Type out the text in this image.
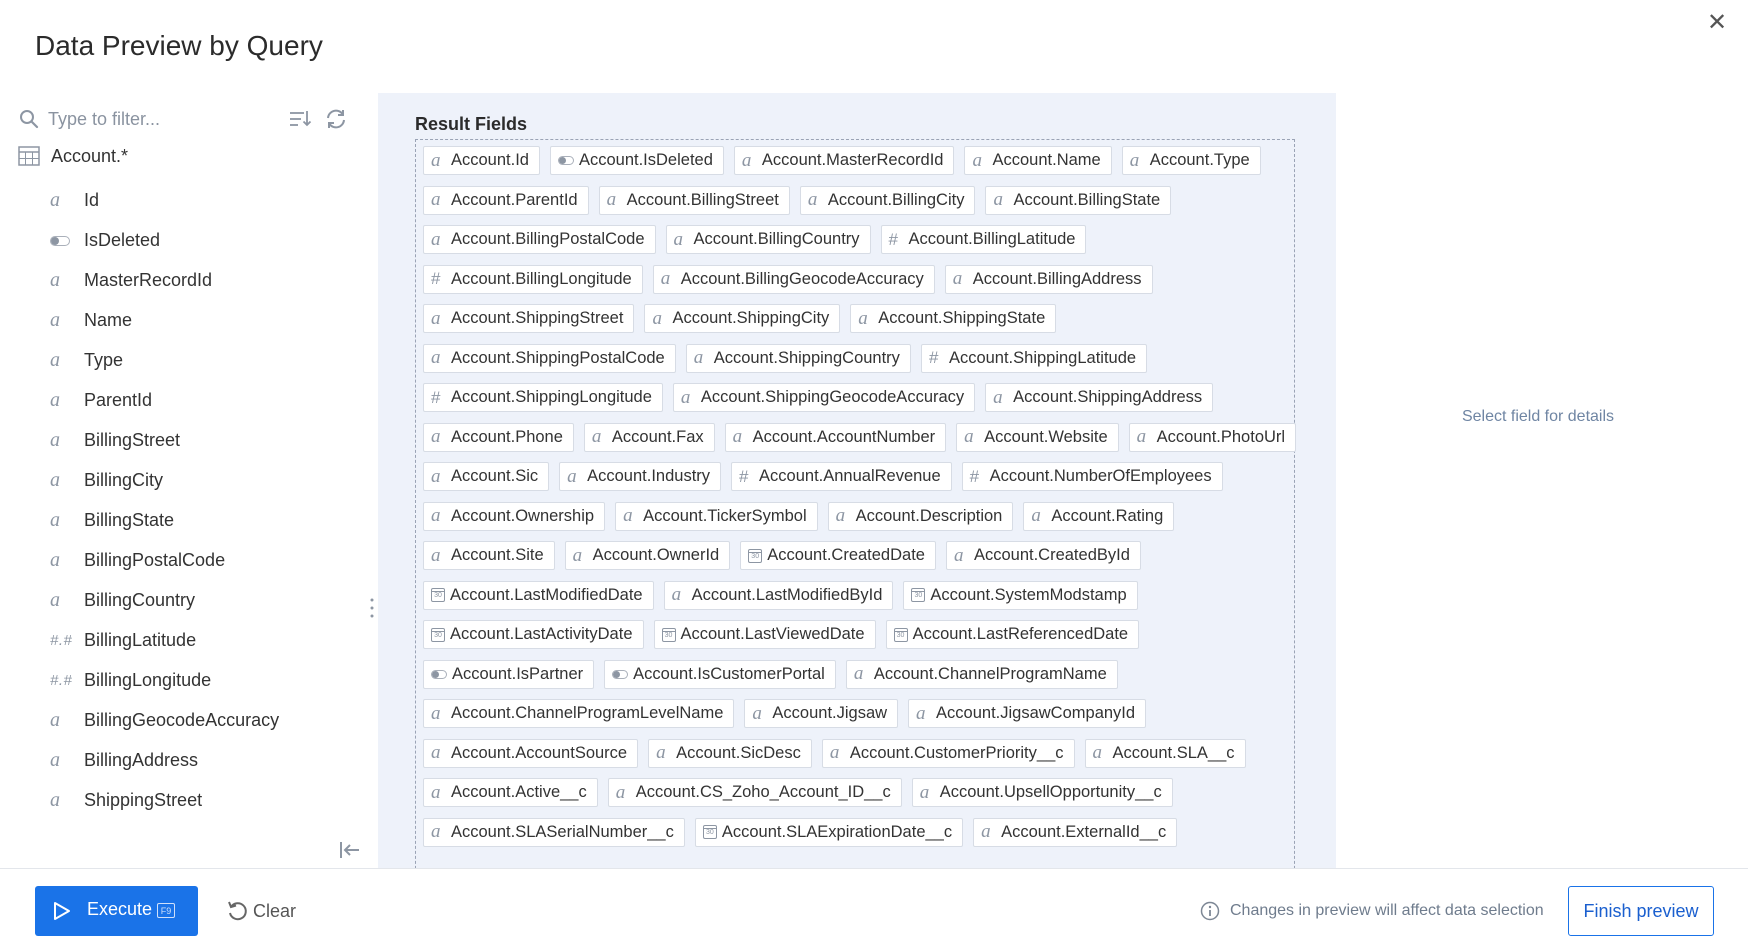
Data Preview by Query
✕
Type to filter...
Account.*
a	Id
IsDeleted
a	MasterRecordId
a	Name
a	Type
a	ParentId
a	BillingStreet
a	BillingCity
a	BillingState
a	BillingPostalCode
a	BillingCountry
#.# BillingLatitude
#.# BillingLongitude
a	BillingGeocodeAccuracy
a	BillingAddress
a	ShippingStreet
Result Fields
a Account.Id	Account.IsDeleted a Account.MasterRecordId a Account.Name a Account.Type
a Account.ParentId a Account.BillingStreet a Account.BillingCity a Account.BillingState
a Account.BillingPostalCode a Account.BillingCountry # Account.BillingLatitude
# Account.BillingLongitude a Account.BillingGeocodeAccuracy a Account.BillingAddress
a Account.ShippingStreet a Account.ShippingCity a Account.ShippingState
a Account.ShippingPostalCode a Account.ShippingCountry # Account.ShippingLatitude
# Account.ShippingLongitude a Account.ShippingGeocodeAccuracy a Account.ShippingAddress
a Account.Phone a Account.Fax a Account.AccountNumber a Account.Website a Account.PhotoUrl
a Account.Sic a Account.Industry # Account.AnnualRevenue # Account.NumberOfEmployees
a Account.Ownership a Account.TickerSymbol a Account.Description a Account.Rating
a Account.Site a Account.OwnerId	30 Account.CreatedDate a Account.CreatedById
30 Account.LastModifiedDate a Account.LastModifiedById	30 Account.SystemModstamp
30 Account.LastActivityDate	30 Account.LastViewedDate	30 Account.LastReferencedDate
Account.IsPartner	Account.IsCustomerPortal a Account.ChannelProgramName
a Account.ChannelProgramLevelName a Account.Jigsaw a Account.JigsawCompanyId
a Account.AccountSource a Account.SicDesc a Account.CustomerPriority__c a Account.SLA__c
a Account.Active__c a Account.CS_Zoho_Account_ID__c a Account.UpsellOpportunity__c
a Account.SLASerialNumber__c	30 Account.SLAExpirationDate__c a Account.ExternalId__c
Select field for details
Execute F9	Clear	Changes in preview will affect data selection	Finish preview
